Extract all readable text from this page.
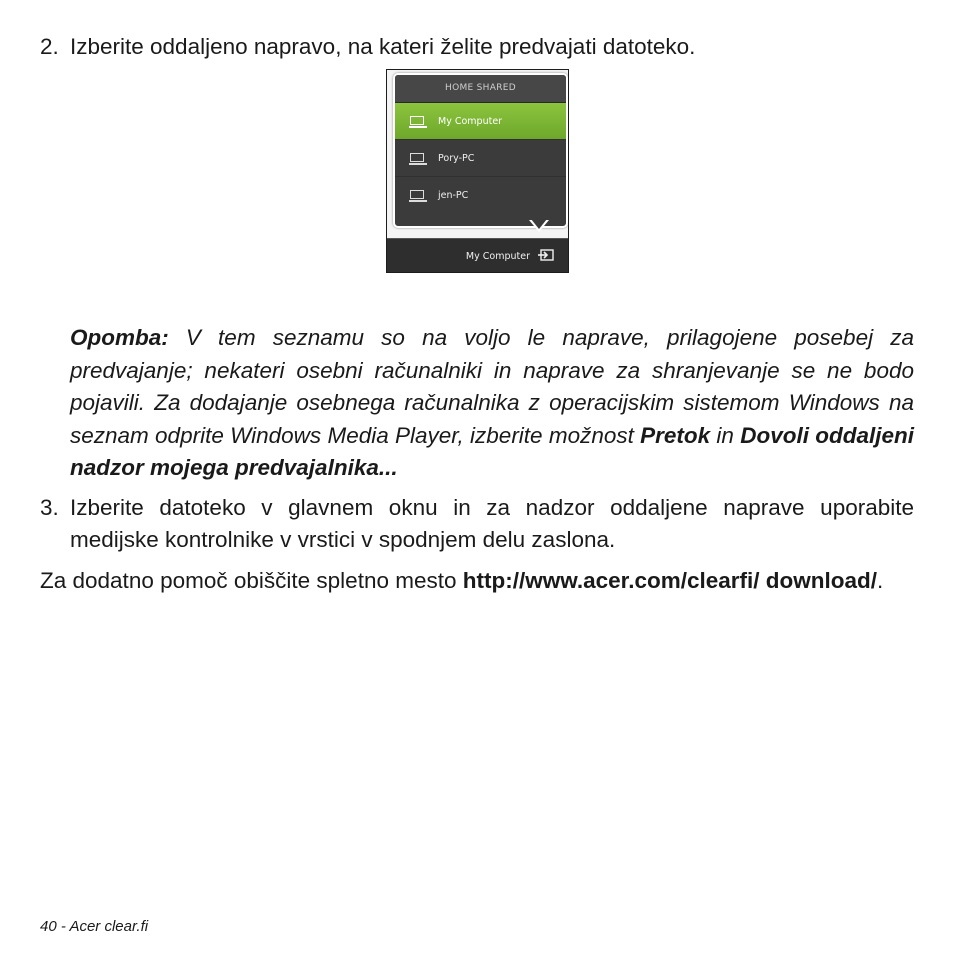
2. Izberite oddaljeno napravo, na kateri želite predvajati datoteko.

HOME SHARED
My Computer
Pory-PC
jen-PC
My Computer

Opomba: V tem seznamu so na voljo le naprave, prilagojene posebej za predvajanje; nekateri osebni računalniki in naprave za shranjevanje se ne bodo pojavili. Za dodajanje osebnega računalnika z operacijskim sistemom Windows na seznam odprite Windows Media Player, izberite možnost Pretok in Dovoli oddaljeni nadzor mojega predvajalnika...

3. Izberite datoteko v glavnem oknu in za nadzor oddaljene naprave uporabite medijske kontrolnike v vrstici v spodnjem delu zaslona.

Za dodatno pomoč obiščite spletno mesto http://www.acer.com/clearfi/ download/.

40 - Acer clear.fi
